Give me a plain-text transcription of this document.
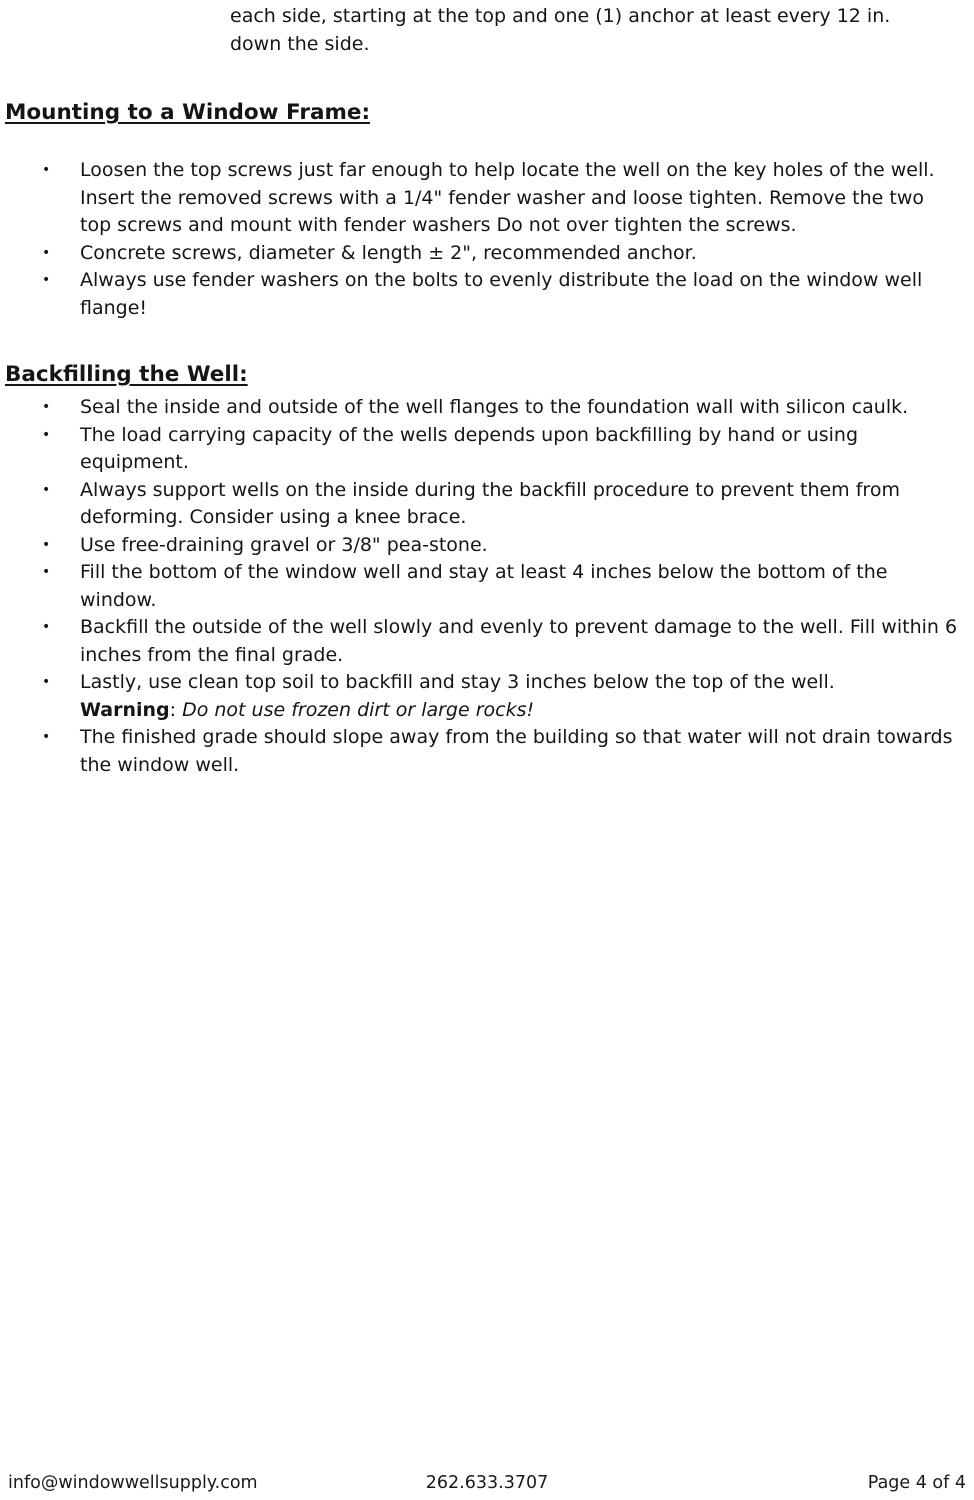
each side, starting at the top and one (1) anchor at least every 12 in. down the side.

Mounting to a Window Frame:
• Loosen the top screws just far enough to help locate the well on the key holes of the well. Insert the removed screws with a 1/4" fender washer and loose tighten. Remove the two top screws and mount with fender washers Do not over tighten the screws.
• Concrete screws, diameter & length ± 2", recommended anchor.
• Always use fender washers on the bolts to evenly distribute the load on the window well flange!
Backfilling the Well:
• Seal the inside and outside of the well flanges to the foundation wall with silicon caulk.
• The load carrying capacity of the wells depends upon backfilling by hand or using equipment.
• Always support wells on the inside during the backfill procedure to prevent them from deforming. Consider using a knee brace.
• Use free-draining gravel or 3/8" pea-stone.
• Fill the bottom of the window well and stay at least 4 inches below the bottom of the window.
• Backfill the outside of the well slowly and evenly to prevent damage to the well. Fill within 6 inches from the final grade.
• Lastly, use clean top soil to backfill and stay 3 inches below the top of the well.
Warning: Do not use frozen dirt or large rocks!
• The finished grade should slope away from the building so that water will not drain towards the window well.
info@windowwellsupply.com	262.633.3707	Page 4 of 4
